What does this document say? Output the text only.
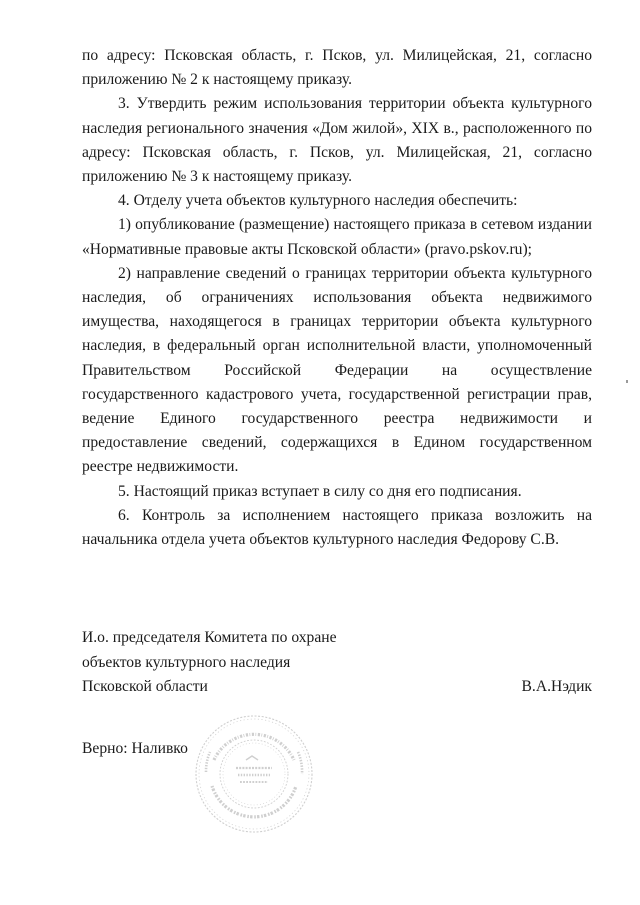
по адресу: Псковская область, г. Псков, ул. Милицейская, 21, согласно приложению № 2 к настоящему приказу.

3. Утвердить режим использования территории объекта культурного наследия регионального значения «Дом жилой», XIX в., расположенного по адресу: Псковская область, г. Псков, ул. Милицейская, 21, согласно приложению № 3 к настоящему приказу.

4. Отделу учета объектов культурного наследия обеспечить:

1) опубликование (размещение) настоящего приказа в сетевом издании «Нормативные правовые акты Псковской области» (pravo.pskov.ru);

2) направление сведений о границах территории объекта культурного наследия, об ограничениях использования объекта недвижимого имущества, находящегося в границах территории объекта культурного наследия, в федеральный орган исполнительной власти, уполномоченный Правительством Российской Федерации на осуществление государственного кадастрового учета, государственной регистрации прав, ведение Единого государственного реестра недвижимости и предоставление сведений, содержащихся в Едином государственном реестре недвижимости.

5. Настоящий приказ вступает в силу со дня его подписания.

6. Контроль за исполнением настоящего приказа возложить на начальника отдела учета объектов культурного наследия Федорову С.В.

И.о. председателя Комитета по охране
объектов культурного наследия
Псковской области	В.А.Нэдик
Верно: Наливко
